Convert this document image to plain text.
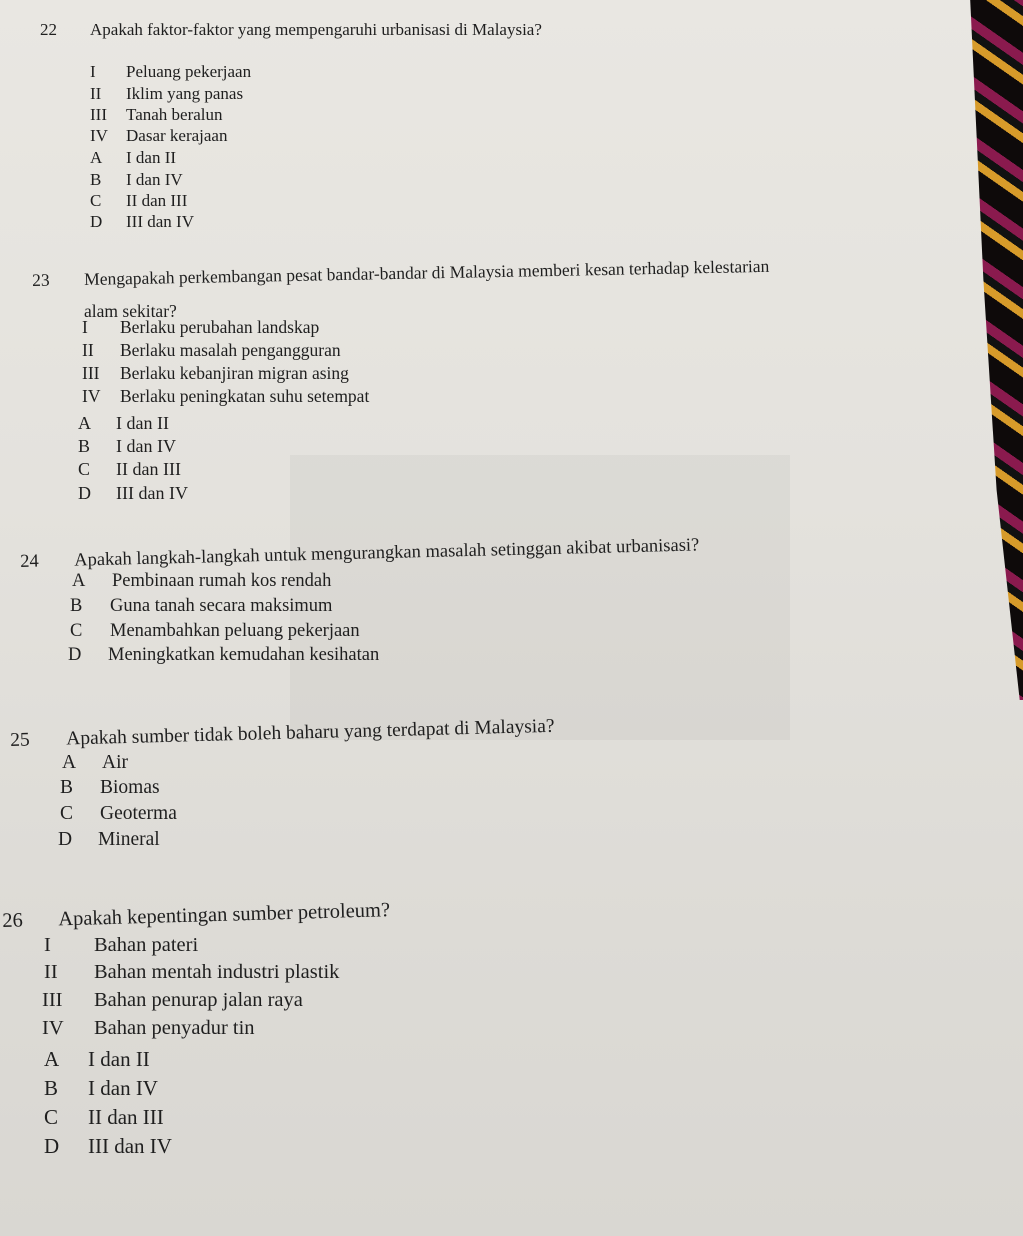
22 Apakah faktor-faktor yang mempengaruhi urbanisasi di Malaysia?
I Peluang pekerjaan
II Iklim yang panas
III Tanah beralun
IV Dasar kerajaan
A I dan II
B I dan IV
C II dan III
D III dan IV
23 Mengapakah perkembangan pesat bandar-bandar di Malaysia memberi kesan terhadap kelestarian
alam sekitar?
I Berlaku perubahan landskap
II Berlaku masalah pengangguran
III Berlaku kebanjiran migran asing
IV Berlaku peningkatan suhu setempat
A I dan II
B I dan IV
C II dan III
D III dan IV
24 Apakah langkah-langkah untuk mengurangkan masalah setinggan akibat urbanisasi?
A Pembinaan rumah kos rendah
B Guna tanah secara maksimum
C Menambahkan peluang pekerjaan
D Meningkatkan kemudahan kesihatan
25 Apakah sumber tidak boleh baharu yang terdapat di Malaysia?
A Air
B Biomas
C Geoterma
D Mineral
26 Apakah kepentingan sumber petroleum?
I Bahan pateri
II Bahan mentah industri plastik
III Bahan penurap jalan raya
IV Bahan penyadur tin
A I dan II
B I dan IV
C II dan III
D III dan IV
